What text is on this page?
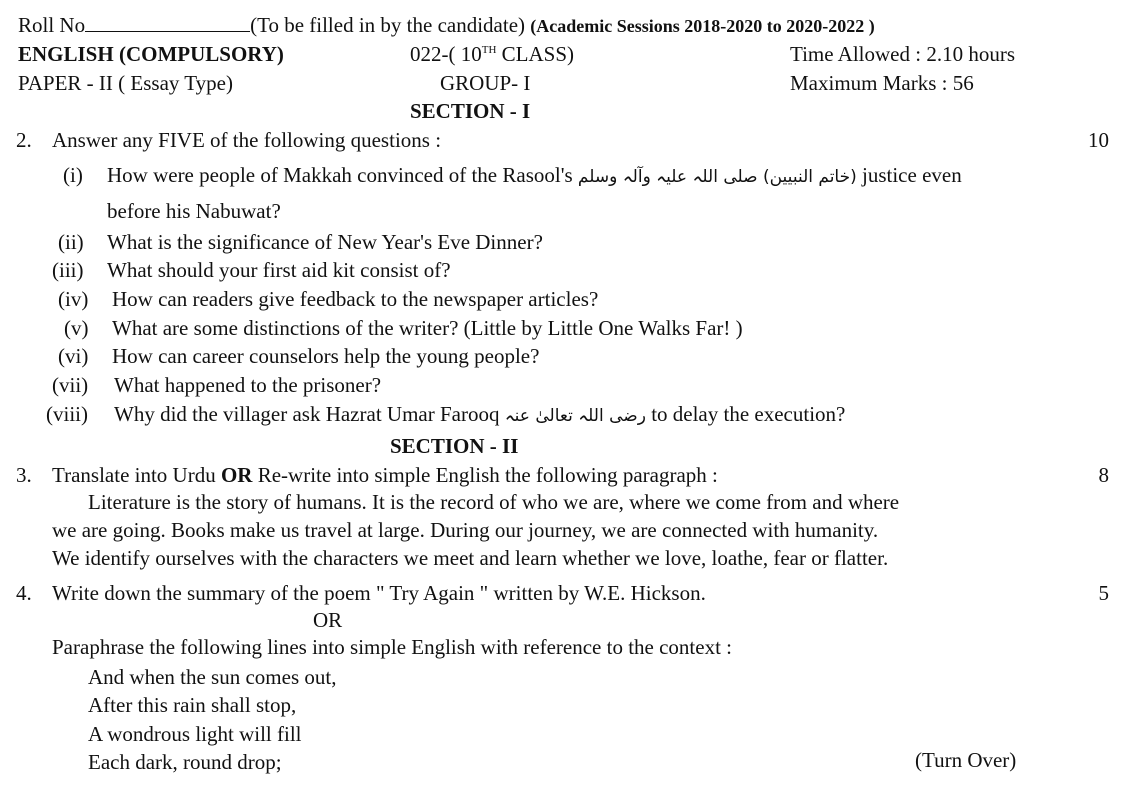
Roll No	(To be filled in by the candidate) (Academic Sessions 2018-2020 to 2020-2022 )
ENGLISH (COMPULSORY)	022-( 10TH CLASS)	Time Allowed : 2.10 hours
PAPER - II ( Essay Type)	GROUP- I	Maximum Marks : 56
SECTION - I
2. Answer any FIVE of the following questions :	10
(i) How were people of Makkah convinced of the Rasool's (خاتم النبیین) صلی اللہ علیہ وآلہ وسلم justice even
before his Nabuwat?
(ii) What is the significance of New Year's Eve Dinner?
(iii) What should your first aid kit consist of?
(iv) How can readers give feedback to the newspaper articles?
(v) What are some distinctions of the writer? (Little by Little One Walks Far! )
(vi) How can career counselors help the young people?
(vii) What happened to the prisoner?
(viii) Why did the villager ask Hazrat Umar Farooq رضی اللہ تعالیٰ عنہ to delay the execution?
SECTION - II
3. Translate into Urdu OR Re-write into simple English the following paragraph :	8
Literature is the story of humans. It is the record of who we are, where we come from and where
we are going. Books make us travel at large. During our journey, we are connected with humanity.
We identify ourselves with the characters we meet and learn whether we love, loathe, fear or flatter.
4. Write down the summary of the poem " Try Again " written by W.E. Hickson.	5
OR
Paraphrase the following lines into simple English with reference to the context :
And when the sun comes out,
After this rain shall stop,
A wondrous light will fill
Each dark, round drop;	(Turn Over)
